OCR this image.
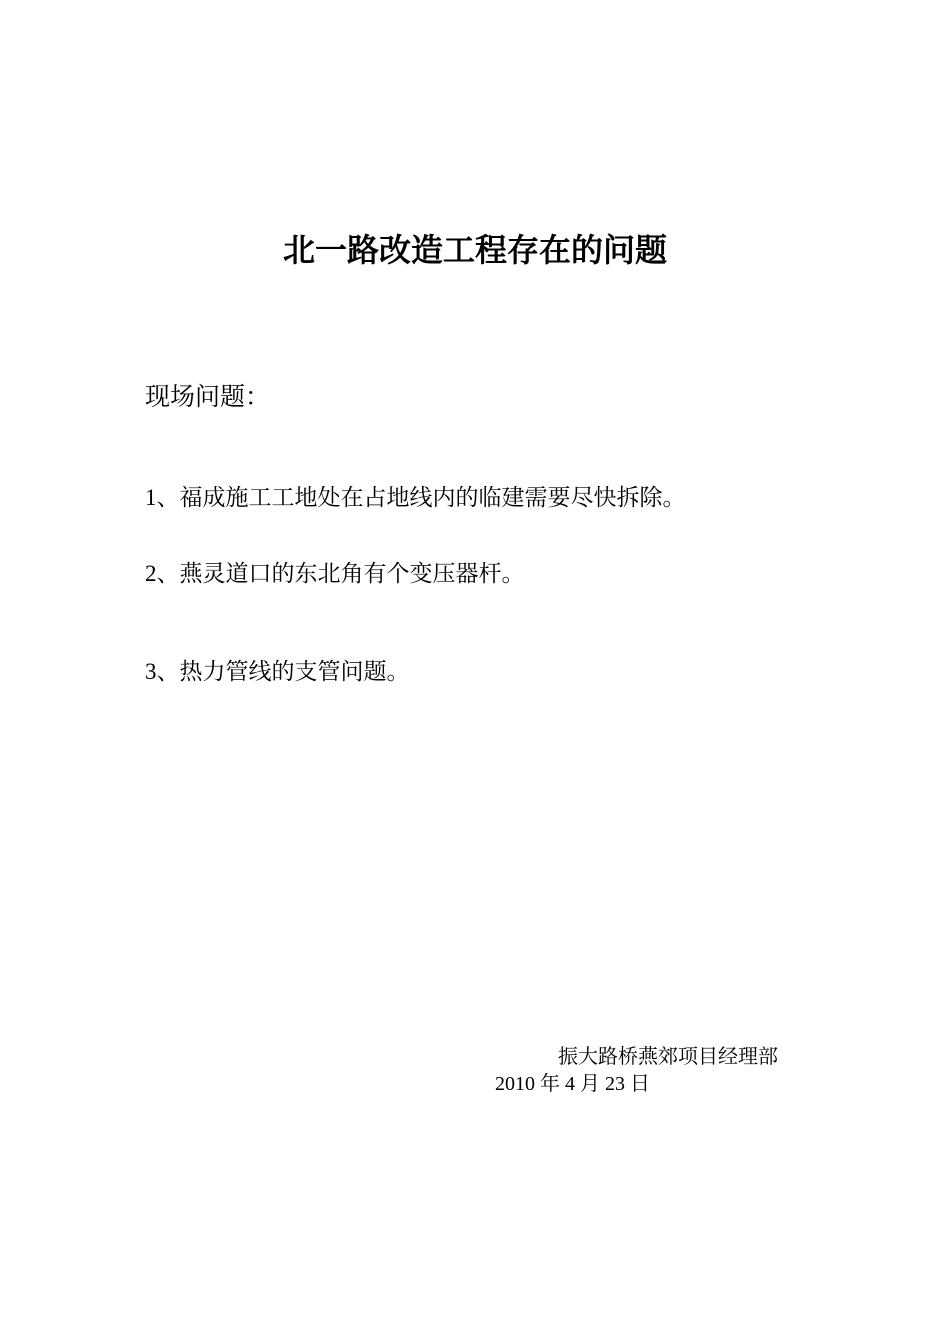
北一路改造工程存在的问题
现场问题：
1、福成施工工地处在占地线内的临建需要尽快拆除。
2、燕灵道口的东北角有个变压器杆。
3、热力管线的支管问题。
振大路桥燕郊项目经理部
2010 年 4 月 23 日
